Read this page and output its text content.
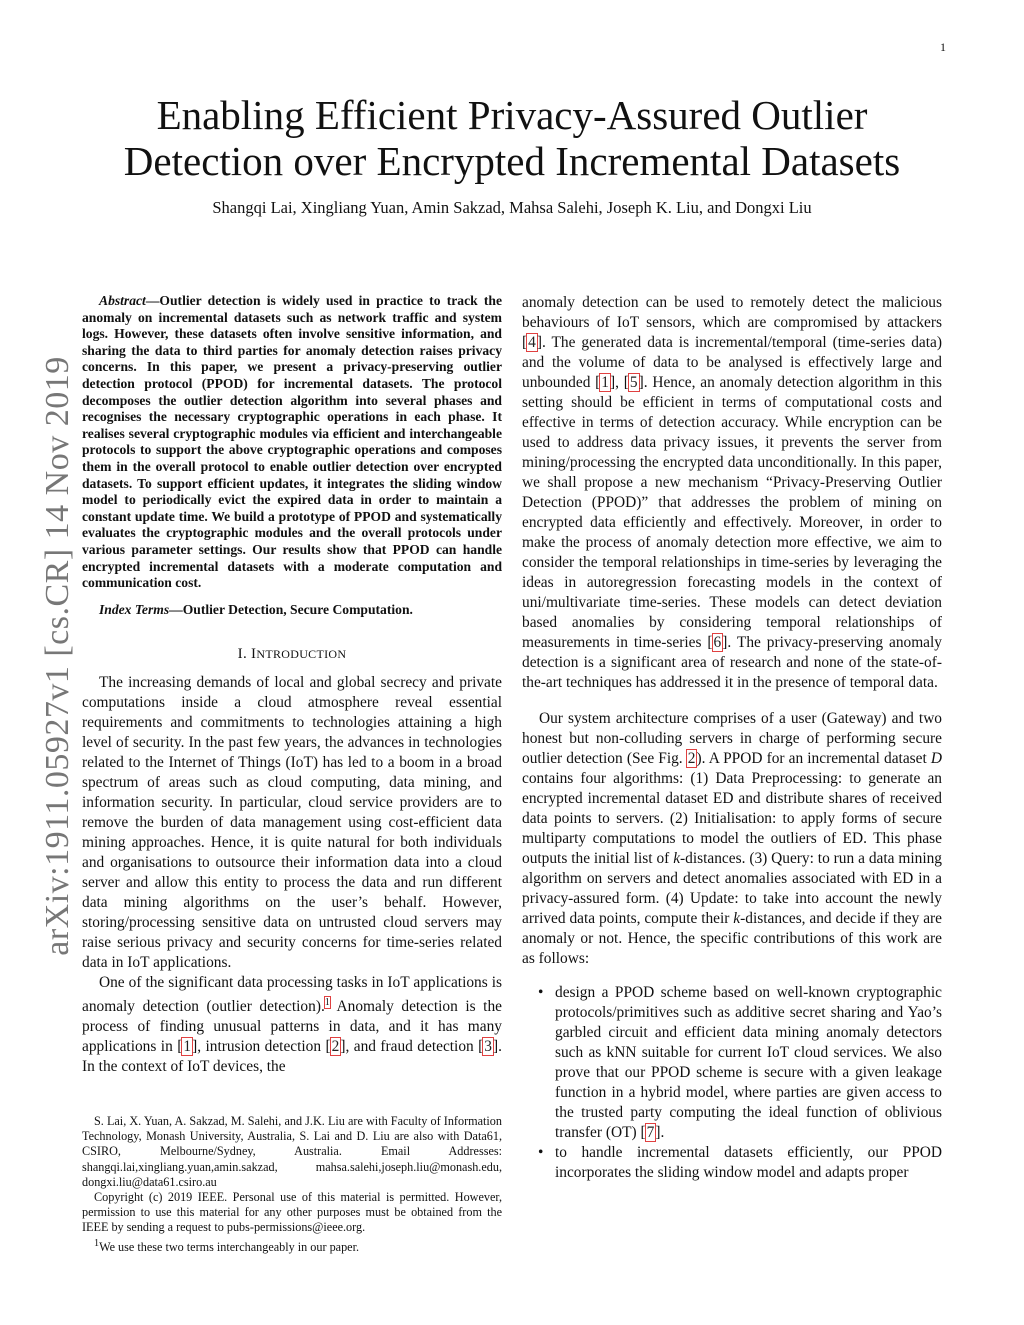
1
Enabling Efficient Privacy-Assured Outlier
Detection over Encrypted Incremental Datasets
Shangqi Lai, Xingliang Yuan, Amin Sakzad, Mahsa Salehi, Joseph K. Liu, and Dongxi Liu
arXiv:1911.05927v1 [cs.CR] 14 Nov 2019

Abstract—Outlier detection is widely used in practice to track the anomaly on incremental datasets such as network traffic and system logs. However, these datasets often involve sensitive information, and sharing the data to third parties for anomaly detection raises privacy concerns. In this paper, we present a privacy-preserving outlier detection protocol (PPOD) for incremental datasets. The protocol decomposes the outlier detection algorithm into several phases and recognises the necessary cryptographic operations in each phase. It realises several cryptographic modules via efficient and interchangeable protocols to support the above cryptographic operations and composes them in the overall protocol to enable outlier detection over encrypted datasets. To support efficient updates, it integrates the sliding window model to periodically evict the expired data in order to maintain a constant update time. We build a prototype of PPOD and systematically evaluates the cryptographic modules and the overall protocols under various parameter settings. Our results show that PPOD can handle encrypted incremental datasets with a moderate computation and communication cost.

Index Terms—Outlier Detection, Secure Computation.

I. INTRODUCTION

The increasing demands of local and global secrecy and private computations inside a cloud atmosphere reveal essential requirements and commitments to technologies attaining a high level of security. In the past few years, the advances in technologies related to the Internet of Things (IoT) has led to a boom in a broad spectrum of areas such as cloud computing, data mining, and information security. In particular, cloud service providers are to remove the burden of data management using cost-efficient data mining approaches. Hence, it is quite natural for both individuals and organisations to outsource their information data into a cloud server and allow this entity to process the data and run different data mining algorithms on the user’s behalf. However, storing/processing sensitive data on untrusted cloud servers may raise serious privacy and security concerns for time-series related data in IoT applications.

One of the significant data processing tasks in IoT applications is anomaly detection (outlier detection).$^1$ Anomaly detection is the process of finding unusual patterns in data, and it has many applications in [1], intrusion detection [2], and fraud detection [3]. In the context of IoT devices, the

S. Lai, X. Yuan, A. Sakzad, M. Salehi, and J.K. Liu are with Faculty of Information Technology, Monash University, Australia, S. Lai and D. Liu are also with Data61, CSIRO, Melbourne/Sydney, Australia. Email Addresses: shangqi.lai,xingliang.yuan,amin.sakzad, mahsa.salehi,joseph.liu@monash.edu, dongxi.liu@data61.csiro.au

Copyright (c) 2019 IEEE. Personal use of this material is permitted. However, permission to use this material for any other purposes must be obtained from the IEEE by sending a request to pubs-permissions@ieee.org.

$^1$We use these two terms interchangeably in our paper.

anomaly detection can be used to remotely detect the malicious behaviours of IoT sensors, which are compromised by attackers [4]. The generated data is incremental/temporal (time-series data) and the volume of data to be analysed is effectively large and unbounded [1], [5]. Hence, an anomaly detection algorithm in this setting should be efficient in terms of computational costs and effective in terms of detection accuracy. While encryption can be used to address data privacy issues, it prevents the server from mining/processing the encrypted data unconditionally. In this paper, we shall propose a new mechanism “Privacy-Preserving Outlier Detection (PPOD)” that addresses the problem of mining on encrypted data efficiently and effectively. Moreover, in order to make the process of anomaly detection more effective, we aim to consider the temporal relationships in time-series by leveraging the ideas in autoregression forecasting models in the context of uni/multivariate time-series. These models can detect deviation based anomalies by considering temporal relationships of measurements in time-series [6]. The privacy-preserving anomaly detection is a significant area of research and none of the state-of-the-art techniques has addressed it in the presence of temporal data.

Our system architecture comprises of a user (Gateway) and two honest but non-colluding servers in charge of performing secure outlier detection (See Fig. 2). A PPOD for an incremental dataset D contains four algorithms: (1) Data Preprocessing: to generate an encrypted incremental dataset ED and distribute shares of received data points to servers. (2) Initialisation: to apply forms of secure multiparty computations to model the outliers of ED. This phase outputs the initial list of k-distances. (3) Query: to run a data mining algorithm on servers and detect anomalies associated with ED in a privacy-assured form. (4) Update: to take into account the newly arrived data points, compute their k-distances, and decide if they are anomaly or not. Hence, the specific contributions of this work are as follows:

• design a PPOD scheme based on well-known cryptographic protocols/primitives such as additive secret sharing and Yao’s garbled circuit and efficient data mining anomaly detectors such as kNN suitable for current IoT cloud services. We also prove that our PPOD scheme is secure with a given leakage function in a hybrid model, where parties are given access to the trusted party computing the ideal function of oblivious transfer (OT) [7].
• to handle incremental datasets efficiently, our PPOD incorporates the sliding window model and adapts proper
